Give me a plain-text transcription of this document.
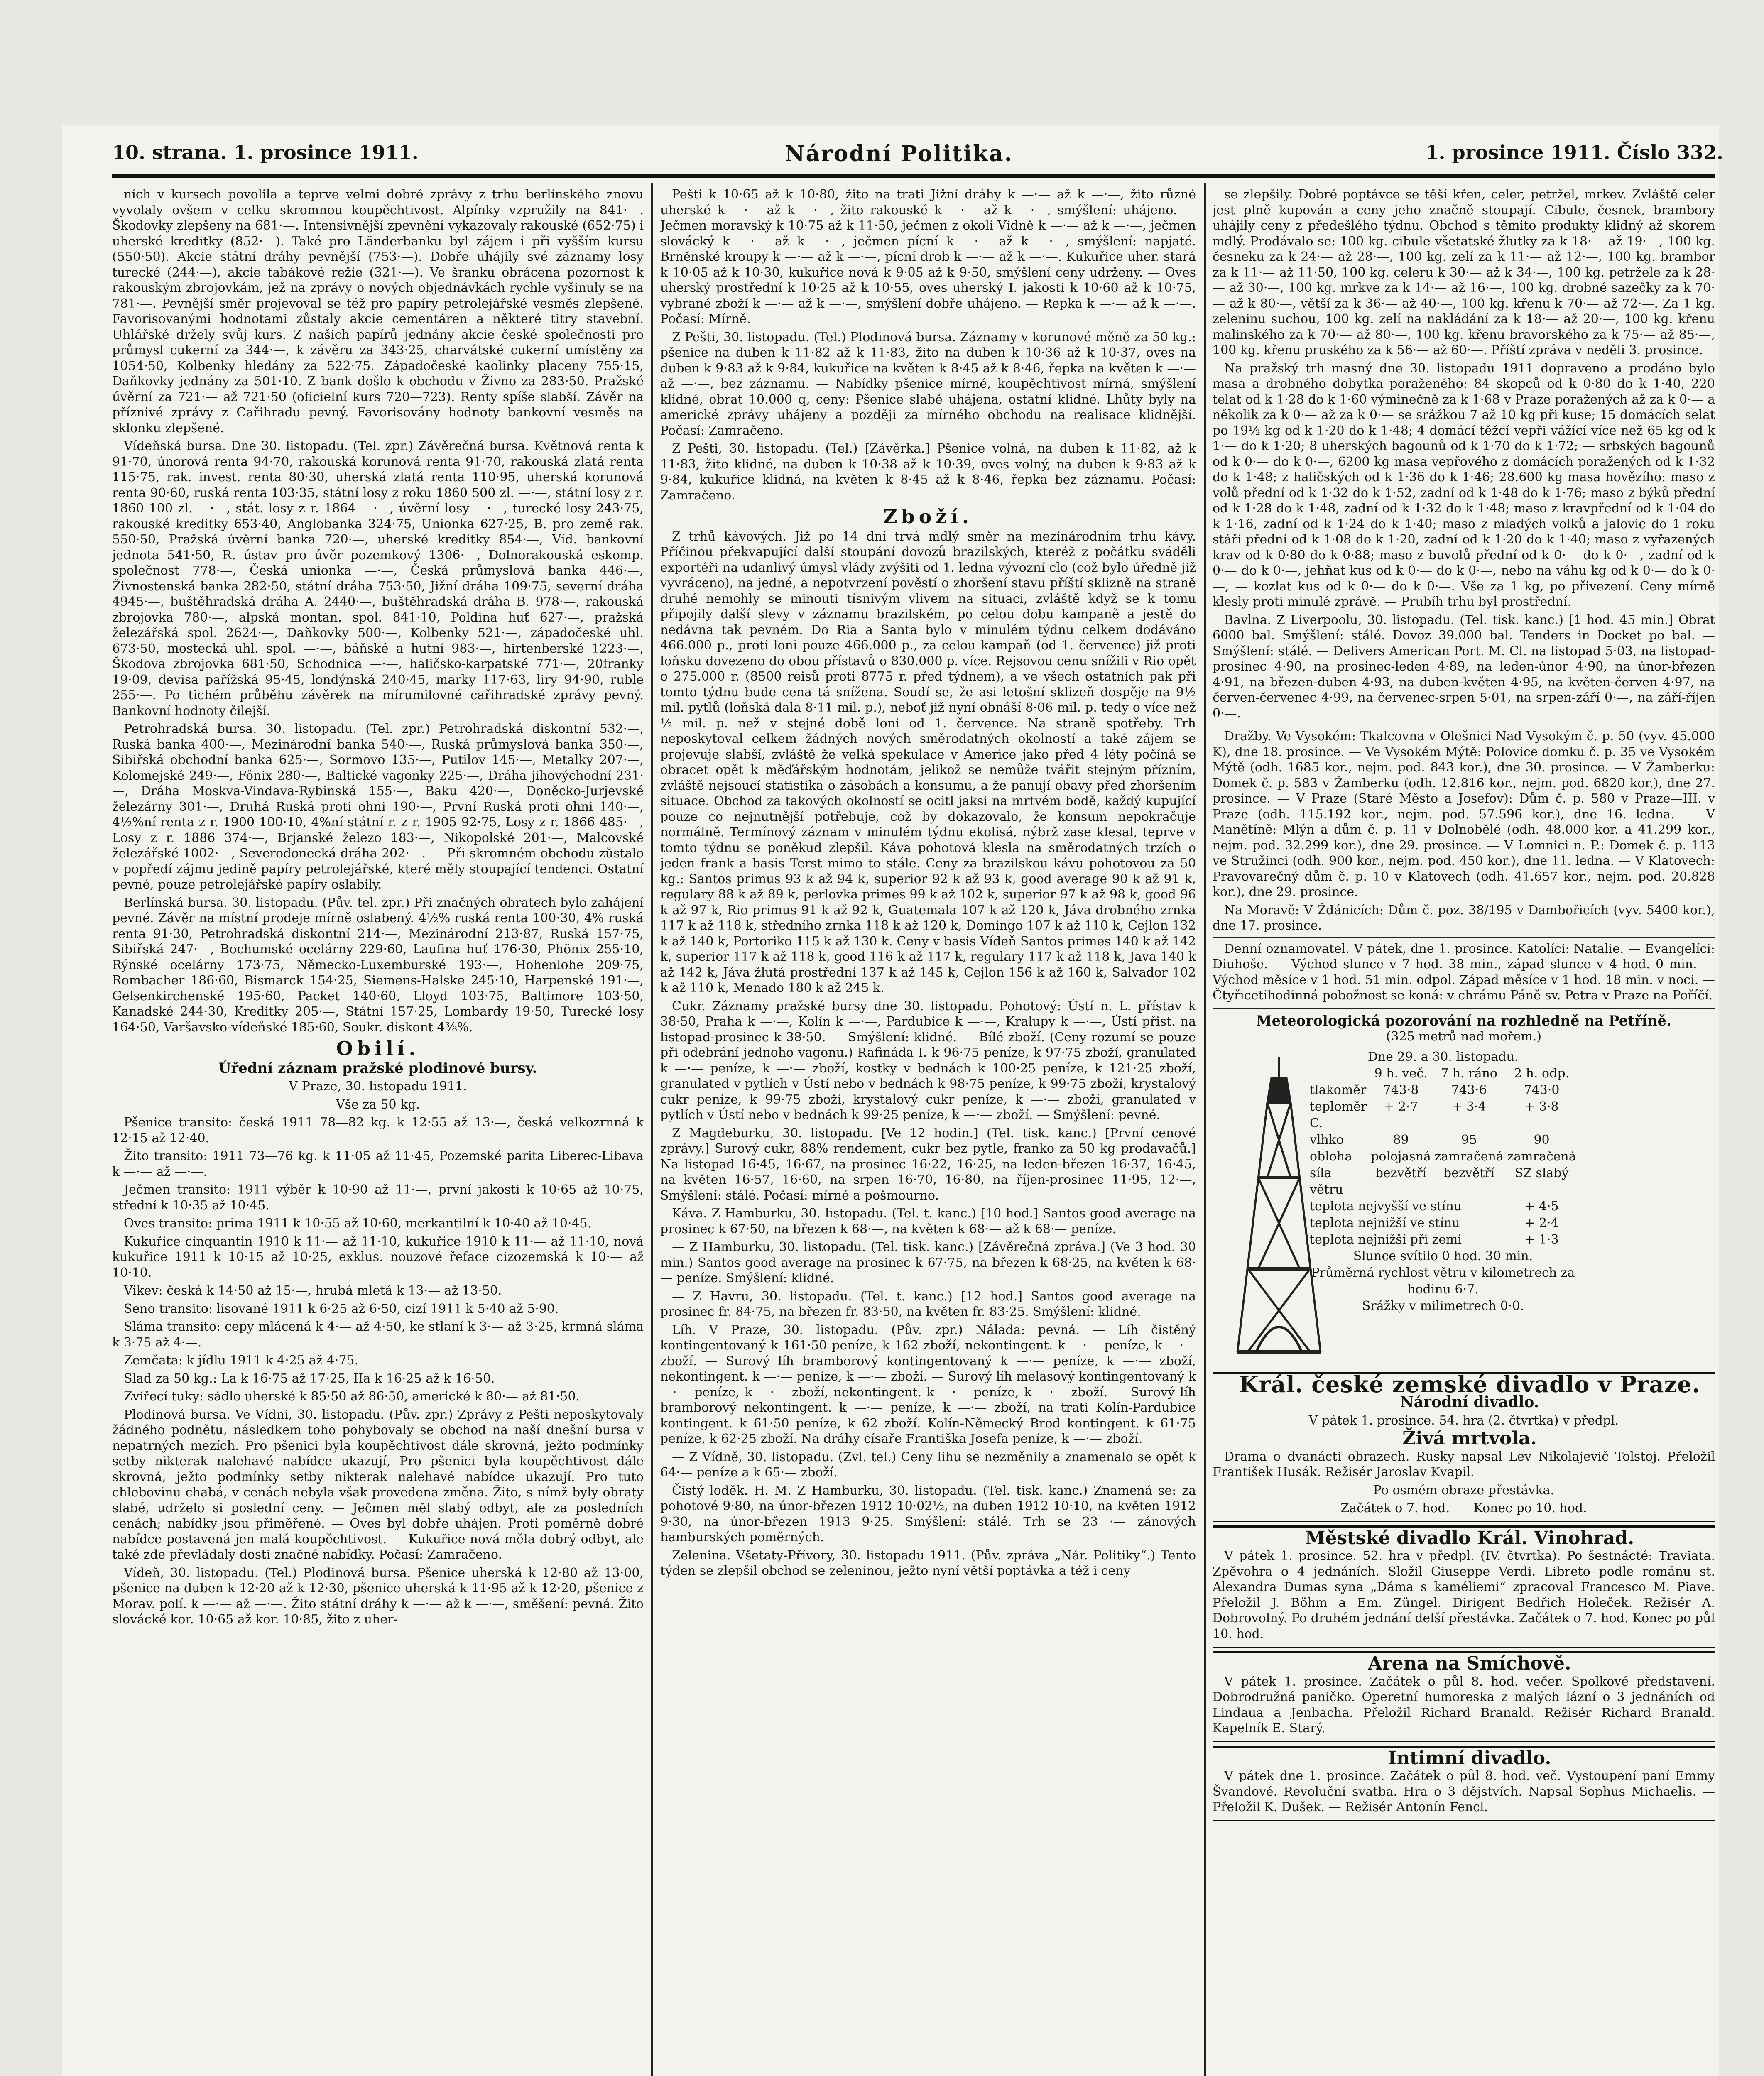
10. strana. 1. prosince 1911.	Národní Politika.	1. prosince 1911. Číslo 332.

ních v kursech povolila a teprve velmi dobré zprávy z trhu berlínského znovu vyvolaly ovšem v celku skromnou koupěchtivost. Alpínky vzpružily na 841·—. Škodovky zlepšeny na 681·—. Intensivnější zpevnění vykazovaly rakouské (652·75) i uherské kreditky (852·—). Také pro Länderbanku byl zájem i při vyšším kursu (550·50). Akcie státní dráhy pevnější (753·—). Dobře uhájily své záznamy losy turecké (244·—), akcie tabákové režie (321·—). Ve šranku obrácena pozornost k rakouským zbrojovkám, jež na zprávy o nových objednávkách rychle vyšinuly se na 781·—. Pevnější směr projevoval se též pro papíry petrolejářské vesměs zlepšené. Favorisovanými hodnotami zůstaly akcie cementáren a některé titry stavební. Uhlářské držely svůj kurs. Z našich papírů jednány akcie české společnosti pro průmysl cukerní za 344·—, k závěru za 343·25, charvátské cukerní umístěny za 1054·50, Kolbenky hledány za 522·75. Západočeské kaolinky placeny 755·15, Daňkovky jednány za 501·10. Z bank došlo k obchodu v Živno za 283·50. Pražské úvěrní za 721·— až 721·50 (oficielní kurs 720—723). Renty spíše slabší. Závěr na příznivé zprávy z Cařihradu pevný. Favorisovány hodnoty bankovní vesměs na sklonku zlepšené.

Vídeňská bursa. Dne 30. listopadu. (Tel. zpr.) Závěrečná bursa. Květnová renta k 91·70, únorová renta 94·70, rakouská korunová renta 91·70, rakouská zlatá renta 115·75, rak. invest. renta 80·30, uherská zlatá renta 110·95, uherská korunová renta 90·60, ruská renta 103·35, státní losy z roku 1860 500 zl. —·—, státní losy z r. 1860 100 zl. —·—, stát. losy z r. 1864 —·—, úvěrní losy —·—, turecké losy 243·75, rakouské kreditky 653·40, Anglobanka 324·75, Unionka 627·25, B. pro země rak. 550·50, Pražská úvěrní banka 720·—, uherské kreditky 854·—, Víd. bankovní jednota 541·50, R. ústav pro úvěr pozemkový 1306·—, Dolnorakouská eskomp. společnost 778·—, Česká unionka —·—, Česká průmyslová banka 446·—, Živnostenská banka 282·50, státní dráha 753·50, Jižní dráha 109·75, severní dráha 4945·—, buštěhradská dráha A. 2440·—, buštěhradská dráha B. 978·—, rakouská zbrojovka 780·—, alpská montan. spol. 841·10, Poldina huť 627·—, pražská železářská spol. 2624·—, Daňkovky 500·—, Kolbenky 521·—, západočeské uhl. 673·50, mostecká uhl. spol. —·—, báňské a hutní 983·—, hirtenberské 1223·—, Škodova zbrojovka 681·50, Schodnica —·—, haličsko-karpatské 771·—, 20franky 19·09, devisa pařížská 95·45, londýnská 240·45, marky 117·63, liry 94·90, ruble 255·—. Po tichém průběhu závěrek na mírumilovné cařihradské zprávy pevný. Bankovní hodnoty čilejší.

Petrohradská bursa. 30. listopadu. (Tel. zpr.) Petrohradská diskontní 532·—, Ruská banka 400·—, Mezinárodní banka 540·—, Ruská průmyslová banka 350·—, Sibiřská obchodní banka 625·—, Sormovo 135·—, Putilov 145·—, Metalky 207·—, Kolomejské 249·—, Fönix 280·—, Baltické vagonky 225·—, Dráha jihovýchodní 231·—, Dráha Moskva-Vindava-Rybinská 155·—, Baku 420·—, Doněcko-Jurjevské železárny 301·—, Druhá Ruská proti ohni 190·—, První Ruská proti ohni 140·—, 4½%ní renta z r. 1900 100·10, 4%ní státní r. z r. 1905 92·75, Losy z r. 1866 485·—, Losy z r. 1886 374·—, Brjanské železo 183·—, Nikopolské 201·—, Malcovské železářské 1002·—, Severodonecká dráha 202·—. — Při skromném obchodu zůstalo v popředí zájmu jedině papíry petrolejářské, které měly stoupající tendenci. Ostatní pevné, pouze petrolejářské papíry oslabily.

Berlínská bursa. 30. listopadu. (Pův. tel. zpr.) Při značných obratech bylo zahájení pevné. Závěr na místní prodeje mírně oslabený. 4½% ruská renta 100·30, 4% ruská renta 91·30, Petrohradská diskontní 214·—, Mezinárodní 213·87, Ruská 157·75, Sibiřská 247·—, Bochumské ocelárny 229·60, Laufina huť 176·30, Phönix 255·10, Rýnské ocelárny 173·75, Německo-Luxemburské 193·—, Hohenlohe 209·75, Rombacher 186·60, Bismarck 154·25, Siemens-Halske 245·10, Harpenské 191·—, Gelsenkirchenské 195·60, Packet 140·60, Lloyd 103·75, Baltimore 103·50, Kanadské 244·30, Kreditky 205·—, Státní 157·25, Lombardy 19·50, Turecké losy 164·50, Varšavsko-vídeňské 185·60, Soukr. diskont 4⅜%.

Obilí.
Úřední záznam pražské plodinové bursy.

V Praze, 30. listopadu 1911.

Vše za 50 kg.

Pšenice transito: česká 1911 78—82 kg. k 12·55 až 13·—, česká velkozrnná k 12·15 až 12·40.

Žito transito: 1911 73—76 kg. k 11·05 až 11·45, Pozemské parita Liberec-Libava k —·— až —·—.

Ječmen transito: 1911 výběr k 10·90 až 11·—, první jakosti k 10·65 až 10·75, střední k 10·35 až 10·45.

Oves transito: prima 1911 k 10·55 až 10·60, merkantilní k 10·40 až 10·45.

Kukuřice cinquantin 1910 k 11·— až 11·10, kukuřice 1910 k 11·— až 11·10, nová kukuřice 1911 k 10·15 až 10·25, exklus. nouzové řeface cizozemská k 10·— až 10·10.

Vikev: česká k 14·50 až 15·—, hrubá mletá k 13·— až 13·50.

Seno transito: lisované 1911 k 6·25 až 6·50, cizí 1911 k 5·40 až 5·90.

Sláma transito: cepy mlácená k 4·— až 4·50, ke stlaní k 3·— až 3·25, krmná sláma k 3·75 až 4·—.

Zemčata: k jídlu 1911 k 4·25 až 4·75.

Slad za 50 kg.: La k 16·75 až 17·25, IIa k 16·25 až k 16·50.

Zvířecí tuky: sádlo uherské k 85·50 až 86·50, americké k 80·— až 81·50.

Plodinová bursa. Ve Vídni, 30. listopadu. (Pův. zpr.) Zprávy z Pešti neposkytovaly žádného podnětu, následkem toho pohybovaly se obchod na naší dnešní bursa v nepatrných mezích. Pro pšenici byla koupěchtivost dále skrovná, ježto podmínky setby nikterak nalehavé nabídce ukazují, Pro pšenici byla koupěchtivost dále skrovná, ježto podmínky setby nikterak nalehavé nabídce ukazují. Pro tuto chlebovinu chabá, v cenách nebyla však provedena změna. Žito, s nímž byly obraty slabé, udrželo si poslední ceny. — Ječmen měl slabý odbyt, ale za posledních cenách; nabídky jsou přiměřené. — Oves byl dobře uhájen. Proti poměrně dobré nabídce postavená jen malá koupěchtivost. — Kukuřice nová měla dobrý odbyt, ale také zde převládaly dosti značné nabídky. Počasí: Zamračeno.

Vídeň, 30. listopadu. (Tel.) Plodinová bursa. Pšenice uherská k 12·80 až 13·00, pšenice na duben k 12·20 až k 12·30, pšenice uherská k 11·95 až k 12·20, pšenice z Morav. polí. k —·— až —·—. Žito státní dráhy k —·— až k —·—, směšení: pevná. Žito slovácké kor. 10·65 až kor. 10·85, žito z uher-

Pešti k 10·65 až k 10·80, žito na trati Jižní dráhy k —·— až k —·—, žito různé uherské k —·— až k —·—, žito rakouské k —·— až k —·—, smýšlení: uhájeno. — Ječmen moravský k 10·75 až k 11·50, ječmen z okolí Vídně k —·— až k —·—, ječmen slovácký k —·— až k —·—, ječmen pícní k —·— až k —·—, smýšlení: napjaté. Brněnské kroupy k —·— až k —·—, pícní drob k —·— až k —·—. Kukuřice uher. stará k 10·05 až k 10·30, kukuřice nová k 9·05 až k 9·50, smýšlení ceny udrženy. — Oves uherský prostřední k 10·25 až k 10·55, oves uherský I. jakosti k 10·60 až k 10·75, vybrané zboží k —·— až k —·—, smýšlení dobře uhájeno. — Repka k —·— až k —·—. Počasí: Mírně.

Z Pešti, 30. listopadu. (Tel.) Plodinová bursa. Záznamy v korunové měně za 50 kg.: pšenice na duben k 11·82 až k 11·83, žito na duben k 10·36 až k 10·37, oves na duben k 9·83 až k 9·84, kukuřice na květen k 8·45 až k 8·46, řepka na květen k —·— až —·—, bez záznamu. — Nabídky pšenice mírné, koupěchtivost mírná, smýšlení klidné, obrat 10.000 q, ceny: Pšenice slabě uhájena, ostatní klidné. Lhůty byly na americké zprávy uhájeny a později za mírného obchodu na realisace klidnější. Počasí: Zamračeno.

Z Pešti, 30. listopadu. (Tel.) [Závěrka.] Pšenice volná, na duben k 11·82, až k 11·83, žito klidné, na duben k 10·38 až k 10·39, oves volný, na duben k 9·83 až k 9·84, kukuřice klidná, na květen k 8·45 až k 8·46, řepka bez záznamu. Počasí: Zamračeno.

Zboží.

Z trhů kávových. Již po 14 dní trvá mdlý směr na mezinárodním trhu kávy. Příčinou překvapující další stoupání dovozů brazilských, kteréž z počátku sváděli exportéři na udanlivý úmysl vlády zvýšiti od 1. ledna vývozní clo (což bylo úředně již vyvráceno), na jedné, a nepotvrzení pověstí o zhoršení stavu příští sklizně na straně druhé nemohly se minouti tísnivým vlivem na situaci, zvláště když se k tomu připojily další slevy v záznamu brazilském, po celou dobu kampaně a jestě do nedávna tak pevném. Do Ria a Santa bylo v minulém týdnu celkem dodáváno 466.000 p., proti loni pouze 466.000 p., za celou kampaň (od 1. července) již proti loňsku dovezeno do obou přístavů o 830.000 p. více. Rejsovou cenu snížili v Rio opět o 275.000 r. (8500 reisů proti 8775 r. před týdnem), a ve všech ostatních pak při tomto týdnu bude cena tá snížena. Soudí se, že asi letošní sklizeň dospěje na 9½ mil. pytlů (loňská dala 8·11 mil. p.), neboť již nyní obnáší 8·06 mil. p. tedy o více než ½ mil. p. než v stejné době loni od 1. července. Na straně spotřeby. Trh neposkytoval celkem žádných nových směrodatných okolností a také zájem se projevuje slabší, zvláště že velká spekulace v Americe jako před 4 léty počíná se obracet opět k měďářským hodnotám, jelikož se nemůže tvářit stejným přízním, zvláště nejsoucí statistika o zásobách a konsumu, a že panují obavy před zhoršením situace. Obchod za takových okolností se ocitl jaksi na mrtvém bodě, každý kupující pouze co nejnutnější potřebuje, což by dokazovalo, že konsum nepokračuje normálně. Termínový záznam v minulém týdnu ekolisá, nýbrž zase klesal, teprve v tomto týdnu se poněkud zlepšil. Káva pohotová klesla na směrodatných trzích o jeden frank a basis Terst mimo to stále. Ceny za brazilskou kávu pohotovou za 50 kg.: Santos primus 93 k až 94 k, superior 92 k až 93 k, good average 90 k až 91 k, regulary 88 k až 89 k, perlovka primes 99 k až 102 k, superior 97 k až 98 k, good 96 k až 97 k, Rio primus 91 k až 92 k, Guatemala 107 k až 120 k, Jáva drobného zrnka 117 k až 118 k, středního zrnka 118 k až 120 k, Domingo 107 k až 110 k, Cejlon 132 k až 140 k, Portoriko 115 k až 130 k. Ceny v basis Vídeň Santos primes 140 k až 142 k, superior 117 k až 118 k, good 116 k až 117 k, regulary 117 k až 118 k, Java 140 k až 142 k, Jáva žlutá prostřední 137 k až 145 k, Cejlon 156 k až 160 k, Salvador 102 k až 110 k, Menado 180 k až 245 k.

Cukr. Záznamy pražské bursy dne 30. listopadu. Pohotový: Ústí n. L. přístav k 38·50, Praha k —·—, Kolín k —·—, Pardubice k —·—, Kralupy k —·—, Ústí přist. na listopad-prosinec k 38·50. — Smýšlení: klidné. — Bílé zboží. (Ceny rozumí se pouze při odebrání jednoho vagonu.) Rafináda I. k 96·75 peníze, k 97·75 zboží, granulated k —·— peníze, k —·— zboží, kostky v bednách k 100·25 peníze, k 121·25 zboží, granulated v pytlích v Ústí nebo v bednách k 98·75 peníze, k 99·75 zboží, krystalový cukr peníze, k 99·75 zboží, krystalový cukr peníze, k —·— zboží, granulated v pytlích v Ústí nebo v bednách k 99·25 peníze, k —·— zboží. — Smýšlení: pevné.

Z Magdeburku, 30. listopadu. [Ve 12 hodin.] (Tel. tisk. kanc.) [První cenové zprávy.] Surový cukr, 88% rendement, cukr bez pytle, franko za 50 kg prodavačů.] Na listopad 16·45, 16·67, na prosinec 16·22, 16·25, na leden-březen 16·37, 16·45, na květen 16·57, 16·60, na srpen 16·70, 16·80, na říjen-prosinec 11·95, 12·—, Smýšlení: stálé. Počasí: mírné a pošmourno.

Káva. Z Hamburku, 30. listopadu. (Tel. t. kanc.) [10 hod.] Santos good average na prosinec k 67·50, na březen k 68·—, na květen k 68·— až k 68·— peníze.

— Z Hamburku, 30. listopadu. (Tel. tisk. kanc.) [Závěrečná zpráva.] (Ve 3 hod. 30 min.) Santos good average na prosinec k 67·75, na březen k 68·25, na květen k 68·— peníze. Smýšlení: klidné.

— Z Havru, 30. listopadu. (Tel. t. kanc.) [12 hod.] Santos good average na prosinec fr. 84·75, na březen fr. 83·50, na květen fr. 83·25. Smýšlení: klidné.

Líh. V Praze, 30. listopadu. (Pův. zpr.) Nálada: pevná. — Líh čistěný kontingentovaný k 161·50 peníze, k 162 zboží, nekontingent. k —·— peníze, k —·— zboží. — Surový líh bramborový kontingentovaný k —·— peníze, k —·— zboží, nekontingent. k —·— peníze, k —·— zboží. — Surový líh melasový kontingentovaný k —·— peníze, k —·— zboží, nekontingent. k —·— peníze, k —·— zboží. — Surový líh bramborový nekontingent. k —·— peníze, k —·— zboží, na trati Kolín-Pardubice kontingent. k 61·50 peníze, k 62 zboží. Kolín-Německý Brod kontingent. k 61·75 peníze, k 62·25 zboží. Na dráhy císaře Františka Josefa peníze, k —·— zboží.

— Z Vídně, 30. listopadu. (Zvl. tel.) Ceny lihu se nezměnily a znamenalo se opět k 64·— peníze a k 65·— zboží.

Čistý loděk. H. M. Z Hamburku, 30. listopadu. (Tel. tisk. kanc.) Znamená se: za pohotové 9·80, na únor-březen 1912 10·02½, na duben 1912 10·10, na květen 1912 9·30, na únor-březen 1913 9·25. Smýšlení: stálé. Trh se 23 ·— zánových hamburských poměrných.

Zelenina. Všetaty-Přívory, 30. listopadu 1911. (Pův. zpráva „Nár. Politiky“.) Tento týden se zlepšil obchod se zeleninou, ježto nyní větší poptávka a též i ceny

se zlepšily. Dobré poptávce se těší křen, celer, petržel, mrkev. Zvláště celer jest plně kupován a ceny jeho značně stoupají. Cibule, česnek, brambory uhájily ceny z předešlého týdnu. Obchod s těmito produkty klidný až skorem mdlý. Prodávalo se: 100 kg. cibule všetatské žlutky za k 18·— až 19·—, 100 kg. česneku za k 24·— až 28·—, 100 kg. zelí za k 11·— až 12·—, 100 kg. brambor za k 11·— až 11·50, 100 kg. celeru k 30·— až k 34·—, 100 kg. petržele za k 28·— až 30·—, 100 kg. mrkve za k 14·— až 16·—, 100 kg. drobné sazečky za k 70·— až k 80·—, větší za k 36·— až 40·—, 100 kg. křenu k 70·— až 72·—. Za 1 kg. zeleninu suchou, 100 kg. zelí na nakládání za k 18·— až 20·—, 100 kg. křenu malinského za k 70·— až 80·—, 100 kg. křenu bravorského za k 75·— až 85·—, 100 kg. křenu pruského za k 56·— až 60·—. Příští zpráva v neděli 3. prosince.

Na pražský trh masný dne 30. listopadu 1911 dopraveno a prodáno bylo masa a drobného dobytka poraženého: 84 skopců od k 0·80 do k 1·40, 220 telat od k 1·28 do k 1·60 výminečně za k 1·68 v Praze poražených až za k 0·— a několik za k 0·— až za k 0·— se srážkou 7 až 10 kg při kuse; 15 domácích selat po 19½ kg od k 1·20 do k 1·48; 4 domácí těžcí vepři vážící více než 65 kg od k 1·— do k 1·20; 8 uherských bagounů od k 1·70 do k 1·72; — srbských bagounů od k 0·— do k 0·—, 6200 kg masa vepřového z domácích poražených od k 1·32 do k 1·48; z haličských od k 1·36 do k 1·46; 28.600 kg masa hovězího: maso z volů přední od k 1·32 do k 1·52, zadní od k 1·48 do k 1·76; maso z býků přední od k 1·28 do k 1·48, zadní od k 1·32 do k 1·48; maso z kravpřední od k 1·04 do k 1·16, zadní od k 1·24 do k 1·40; maso z mladých volků a jalovic do 1 roku stáří přední od k 1·08 do k 1·20, zadní od k 1·20 do k 1·40; maso z vyřazených krav od k 0·80 do k 0·88; maso z buvolů přední od k 0·— do k 0·—, zadní od k 0·— do k 0·—, jehňat kus od k 0·— do k 0·—, nebo na váhu kg od k 0·— do k 0·—, — kozlat kus od k 0·— do k 0·—. Vše za 1 kg, po přivezení. Ceny mírně klesly proti minulé zprávě. — Prubíh trhu byl prostřední.

Bavlna. Z Liverpoolu, 30. listopadu. (Tel. tisk. kanc.) [1 hod. 45 min.] Obrat 6000 bal. Smýšlení: stálé. Dovoz 39.000 bal. Tenders in Docket po bal. — Smýšlení: stálé. — Delivers American Port. M. Cl. na listopad 5·03, na listopad-prosinec 4·90, na prosinec-leden 4·89, na leden-únor 4·90, na únor-březen 4·91, na březen-duben 4·93, na duben-květen 4·95, na květen-červen 4·97, na červen-červenec 4·99, na červenec-srpen 5·01, na srpen-září 0·—, na září-říjen 0·—.

Dražby. Ve Vysokém: Tkalcovna v Olešnici Nad Vysokým č. p. 50 (vyv. 45.000 K), dne 18. prosince. — Ve Vysokém Mýtě: Polovice domku č. p. 35 ve Vysokém Mýtě (odh. 1685 kor., nejm. pod. 843 kor.), dne 30. prosince. — V Žamberku: Domek č. p. 583 v Žamberku (odh. 12.816 kor., nejm. pod. 6820 kor.), dne 27. prosince. — V Praze (Staré Město a Josefov): Dům č. p. 580 v Praze—III. v Praze (odh. 115.192 kor., nejm. pod. 57.596 kor.), dne 16. ledna. — V Manětíně: Mlýn a dům č. p. 11 v Dolnobělé (odh. 48.000 kor. a 41.299 kor., nejm. pod. 32.299 kor.), dne 29. prosince. — V Lomnici n. P.: Domek č. p. 113 ve Stružinci (odh. 900 kor., nejm. pod. 450 kor.), dne 11. ledna. — V Klatovech: Pravovarečný dům č. p. 10 v Klatovech (odh. 41.657 kor., nejm. pod. 20.828 kor.), dne 29. prosince.

Na Moravě: V Ždánicích: Dům č. poz. 38/195 v Dambořicích (vyv. 5400 kor.), dne 17. prosince.

Denní oznamovatel. V pátek, dne 1. prosince. Katolíci: Natalie. — Evangelíci: Diuhoše. — Východ slunce v 7 hod. 38 min., západ slunce v 4 hod. 0 min. — Východ měsíce v 1 hod. 51 min. odpol. Západ měsíce v 1 hod. 18 min. v noci. — Čtyřicetihodinná pobožnost se koná: v chrámu Páně sv. Petra v Praze na Poříčí.

Meteorologická pozorování na rozhledně na Petříně.
(325 metrů nad mořem.)
Dne 29. a 30. listopadu.			
	9 h. več.	7 h. ráno	2 h. odp.
tlakoměr	743·8	743·6	743·0
teploměr C.	+ 2·7	+ 3·4	+ 3·8
vlhko	89	95	90
obloha	polojasná	zamračená	zamračená
síla větru	bezvětří	bezvětří	SZ slabý
teplota nejvyšší ve stínu			+ 4·5
teplota nejnižší ve stínu			+ 2·4
teplota nejnižší při zemi			+ 1·3
Slunce svítilo 0 hod. 30 min.			
Průměrná rychlost větru v kilometrech za hodinu 6·7.			
Srážky v milimetrech 0·0.			

Král. české zemské divadlo v Praze.

Národní divadlo.

V pátek 1. prosince. 54. hra (2. čtvrtka) v předpl.

Živá mrtvola.

Drama o dvanácti obrazech. Rusky napsal Lev Nikolajevič Tolstoj. Přeložil František Husák. Režisér Jaroslav Kvapil.

Po osmém obraze přestávka.

Začátek o 7. hod. Konec po 10. hod.

Městské divadlo Král. Vinohrad.

V pátek 1. prosince. 52. hra v předpl. (IV. čtvrtka). Po šestnácté: Traviata. Zpěvohra o 4 jednáních. Složil Giuseppe Verdi. Libreto podle románu st. Alexandra Dumas syna „Dáma s kaméliemi“ zpracoval Francesco M. Piave. Přeložil J. Böhm a Em. Züngel. Dirigent Bedřich Holeček. Režisér A. Dobrovolný. Po druhém jednání delší přestávka. Začátek o 7. hod. Konec po půl 10. hod.

Arena na Smíchově.

V pátek 1. prosince. Začátek o půl 8. hod. večer. Spolkové představení. Dobrodružná paničko. Operetní humoreska z malých lázní o 3 jednáních od Lindaua a Jenbacha. Přeložil Richard Branald. Režisér Richard Branald. Kapelník E. Starý.

Intimní divadlo.

V pátek dne 1. prosince. Začátek o půl 8. hod. več. Vystoupení paní Emmy Švandové. Revoluční svatba. Hra o 3 dějstvích. Napsal Sophus Michaelis. — Přeložil K. Dušek. — Režisér Antonín Fencl.
